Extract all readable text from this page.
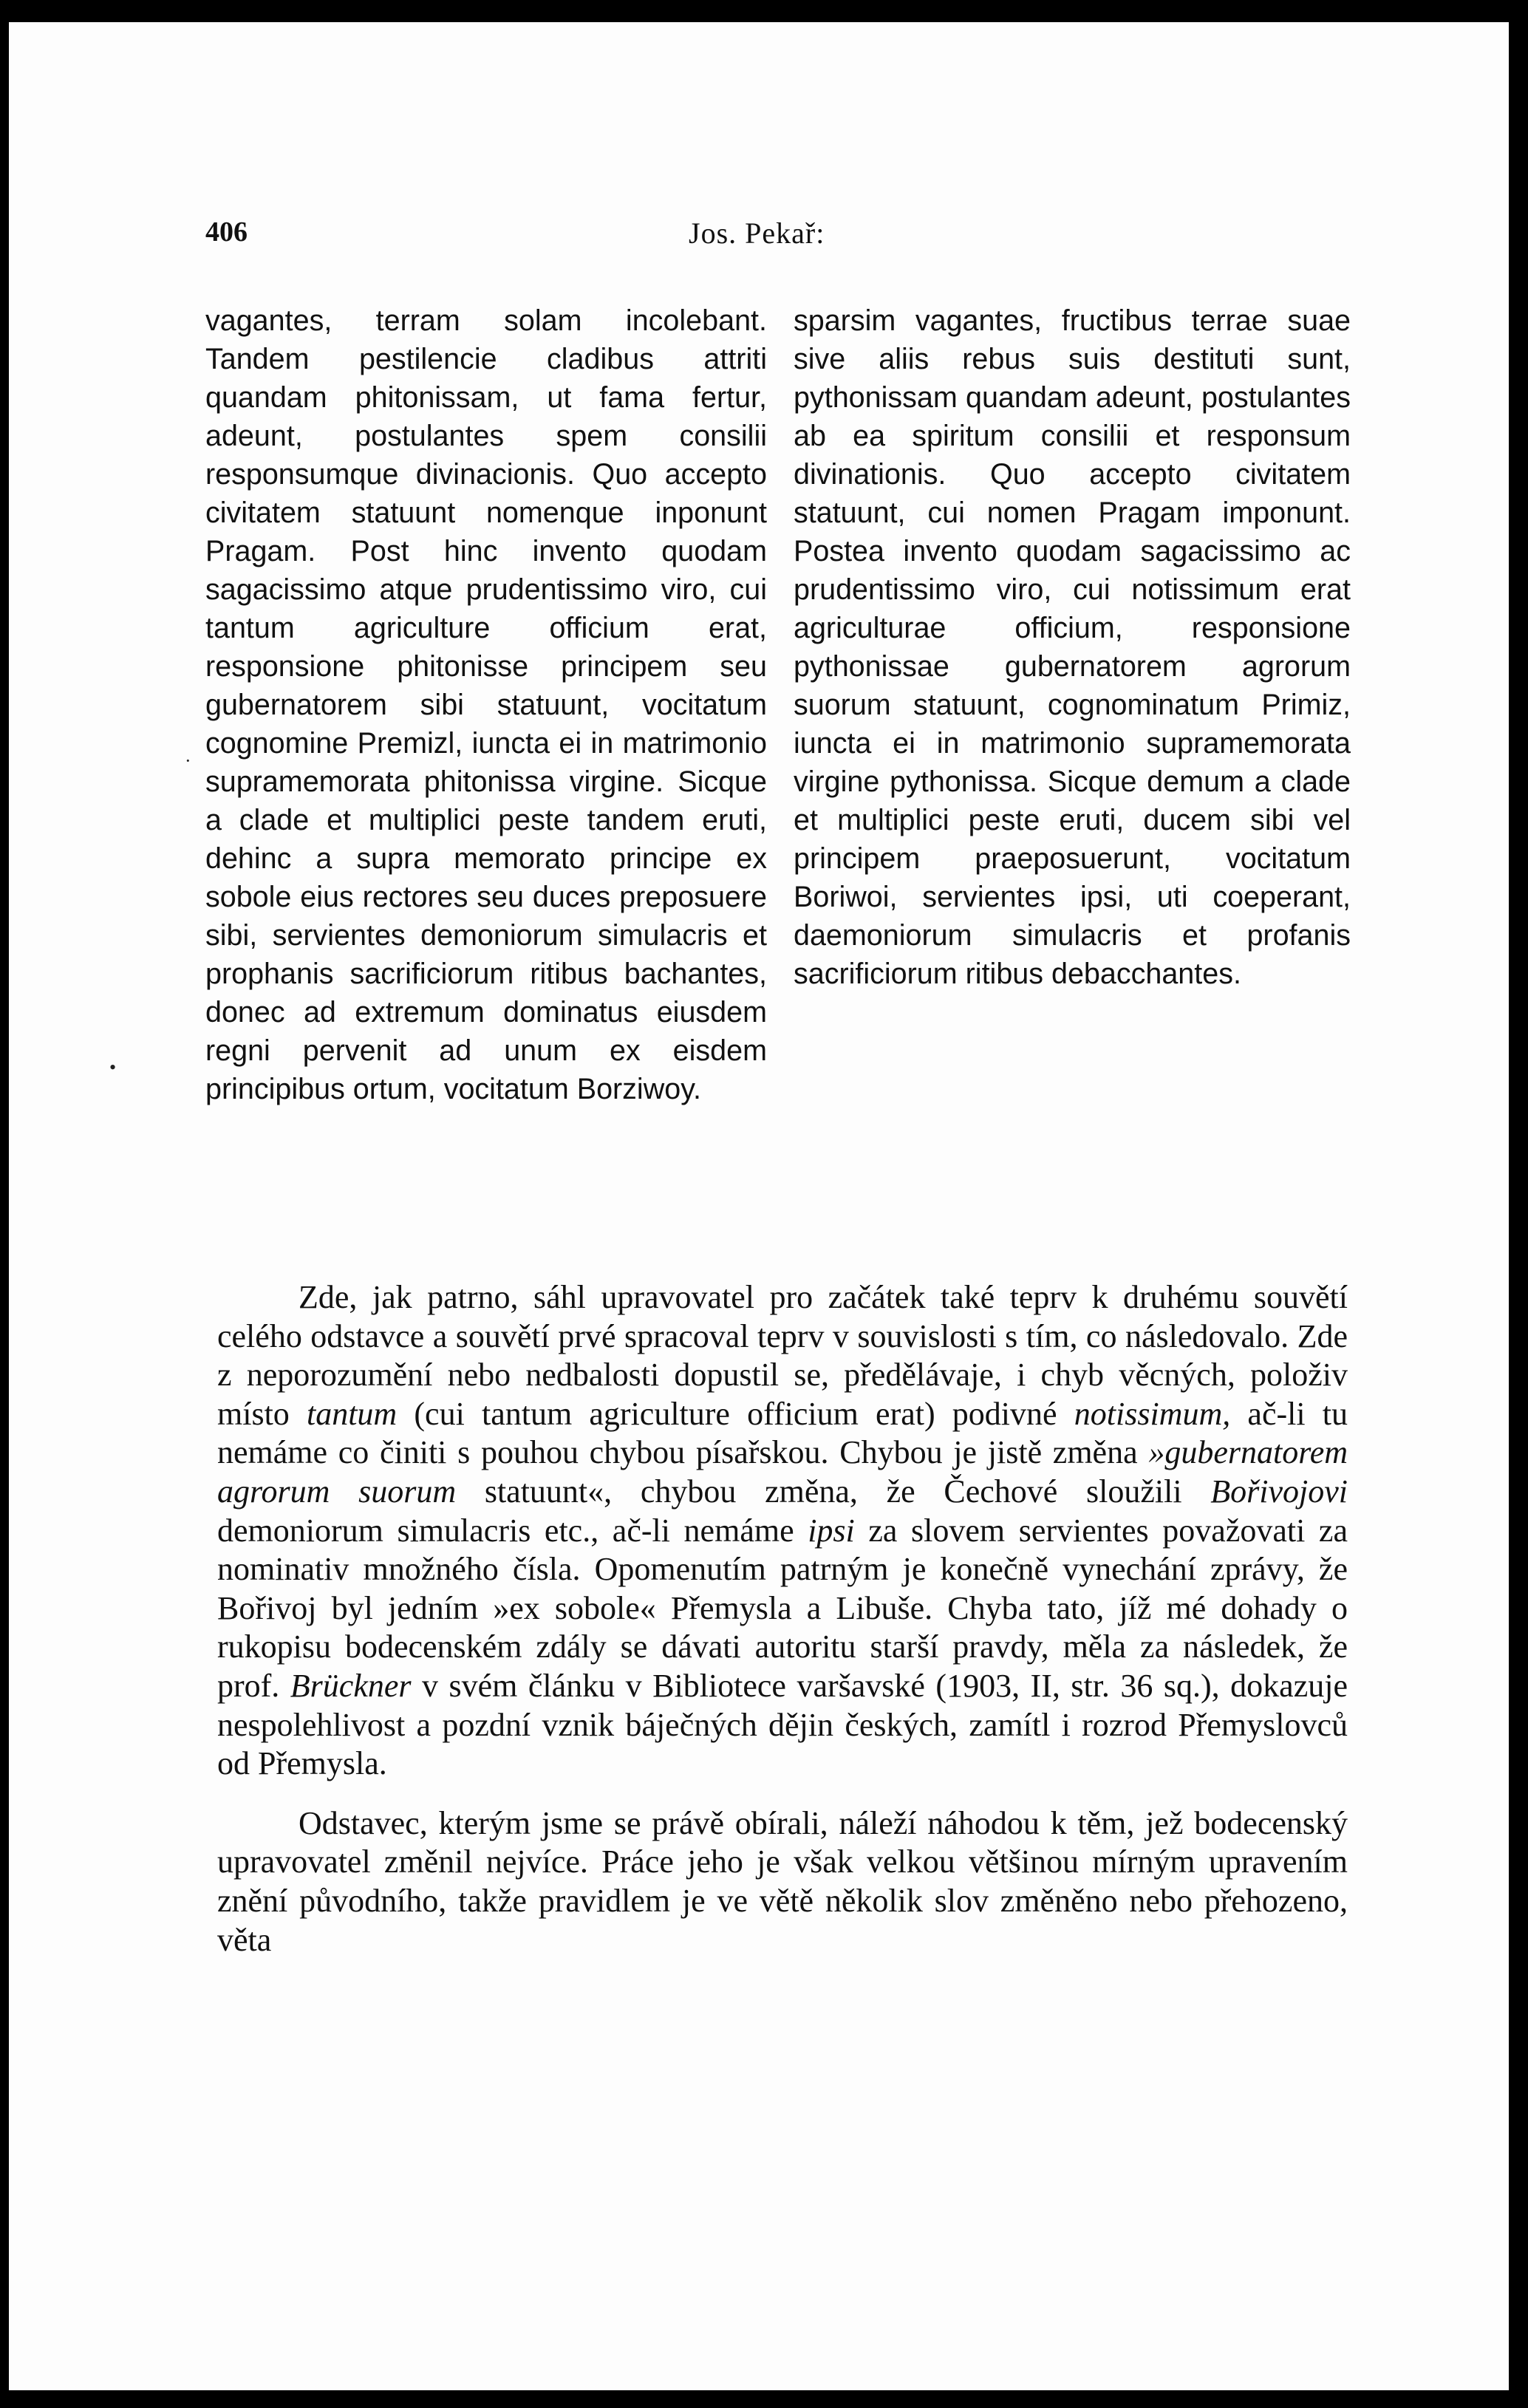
406	Jos. Pekař:
vagantes, terram solam incolebant. Tandem pestilencie cladibus attriti quandam phitonissam, ut fama fertur, adeunt, postulantes spem consilii responsumque divinacionis. Quo accepto civitatem statuunt nomenque inponunt Pragam. Post hinc invento quodam sagacissimo atque prudentissimo viro, cui tantum agriculture officium erat, responsione phitonisse principem seu gubernatorem sibi statuunt, vocitatum cognomine Premizl, iuncta ei in matrimonio supramemorata phitonissa virgine. Sicque a clade et multiplici peste tandem eruti, dehinc a supra memorato principe ex sobole eius rectores seu duces preposuere sibi, servientes demoniorum simulacris et prophanis sacrificiorum ritibus bachantes, donec ad extremum dominatus eiusdem regni pervenit ad unum ex eisdem principibus ortum, vocitatum Borziwoy.
sparsim vagantes, fructibus terrae suae sive aliis rebus suis destituti sunt, pythonissam quandam adeunt, postulantes ab ea spiritum consilii et responsum divinationis. Quo accepto civitatem statuunt, cui nomen Pragam imponunt. Postea invento quodam sagacissimo ac prudentissimo viro, cui notissimum erat agriculturae officium, responsione pythonissae gubernatorem agrorum suorum statuunt, cognominatum Primiz, iuncta ei in matrimonio supramemorata virgine pythonissa. Sicque demum a clade et multiplici peste eruti, ducem sibi vel principem praeposuerunt, vocitatum Boriwoi, servientes ipsi, uti coeperant, daemoniorum simulacris et profanis sacrificiorum ritibus debacchantes.

Zde, jak patrno, sáhl upravovatel pro začátek také teprv k druhému souvětí celého odstavce a souvětí prvé spracoval teprv v souvislosti s tím, co následovalo. Zde z neporozumění nebo nedbalosti dopustil se, předělávaje, i chyb věcných, položiv místo tantum (cui tantum agriculture officium erat) podivné notissimum, ač-li tu nemáme co činiti s pouhou chybou písařskou. Chybou je jistě změna »gubernatorem agrorum suorum statuunt«, chybou změna, že Čechové sloužili Bořivojovi demoniorum simulacris etc., ač-li nemáme ipsi za slovem servientes považovati za nominativ množného čísla. Opomenutím patrným je konečně vynechání zprávy, že Bořivoj byl jedním »ex sobole« Přemysla a Libuše. Chyba tato, jíž mé dohady o rukopisu bodecenském zdály se dávati autoritu starší pravdy, měla za následek, že prof. Brückner v svém článku v Bibliotece varšavské (1903, II, str. 36 sq.), dokazuje nespolehlivost a pozdní vznik báječných dějin českých, zamítl i rozrod Přemyslovců od Přemysla.

Odstavec, kterým jsme se právě obírali, náleží náhodou k těm, jež bodecenský upravovatel změnil nejvíce. Práce jeho je však velkou většinou mírným upravením znění původního, takže pravidlem je ve větě několik slov změněno nebo přehozeno, věta

·
•
